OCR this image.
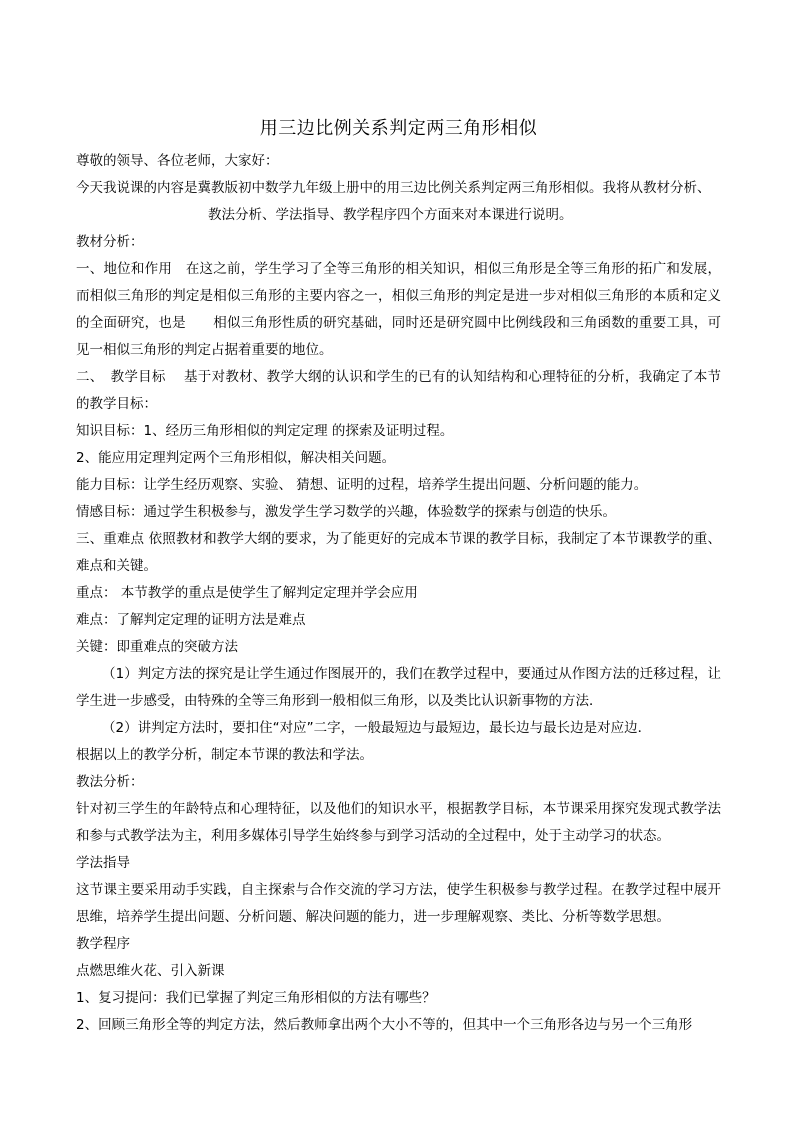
用三边比例关系判定两三角形相似

尊敬的领导、各位老师，大家好：

今天我说课的内容是冀教版初中数学九年级上册中的用三边比例关系判定两三角形相似。我将从教材分析、

教法分析、学法指导、教学程序四个方面来对本课进行说明。

教材分析：

一、地位和作用　在这之前，学生学习了全等三角形的相关知识，相似三角形是全等三角形的拓广和发展，而相似三角形的判定是相似三角形的主要内容之一，相似三角形的判定是进一步对相似三角形的本质和定义的全面研究，也是　　相似三角形性质的研究基础，同时还是研究圆中比例线段和三角函数的重要工具，可见一相似三角形的判定占据着重要的地位。

二、　教学目标　 基于对教材、教学大纲的认识和学生的已有的认知结构和心理特征的分析，我确定了本节的教学目标：

知识目标：1、经历三角形相似的判定定理 的探索及证明过程。

2、能应用定理判定两个三角形相似，解决相关问题。

能力目标：让学生经历观察、实验、 猜想、证明的过程，培养学生提出问题、分析问题的能力。

情感目标：通过学生积极参与，激发学生学习数学的兴趣，体验数学的探索与创造的快乐。

三、重难点 依照教材和教学大纲的要求，为了能更好的完成本节课的教学目标，我制定了本节课教学的重、难点和关键。

重点： 本节教学的重点是使学生了解判定定理并学会应用

难点：了解判定定理的证明方法是难点

关键：即重难点的突破方法

（1）判定方法的探究是让学生通过作图展开的，我们在教学过程中，要通过从作图方法的迁移过程，让学生进一步感受，由特殊的全等三角形到一般相似三角形，以及类比认识新事物的方法．

（2）讲判定方法时，要扣住“对应”二字，一般最短边与最短边，最长边与最长边是对应边．

根据以上的教学分析，制定本节课的教法和学法。

教法分析：

针对初三学生的年龄特点和心理特征，以及他们的知识水平，根据教学目标，本节课采用探究发现式教学法和参与式教学法为主，利用多媒体引导学生始终参与到学习活动的全过程中，处于主动学习的状态。

学法指导

这节课主要采用动手实践，自主探索与合作交流的学习方法，使学生积极参与教学过程。在教学过程中展开思维，培养学生提出问题、分析问题、解决问题的能力，进一步理解观察、类比、分析等数学思想。

教学程序

点燃思维火花、引入新课

1、复习提问：我们已掌握了判定三角形相似的方法有哪些？

2、回顾三角形全等的判定方法，然后教师拿出两个大小不等的，但其中一个三角形各边与另一个三角形
